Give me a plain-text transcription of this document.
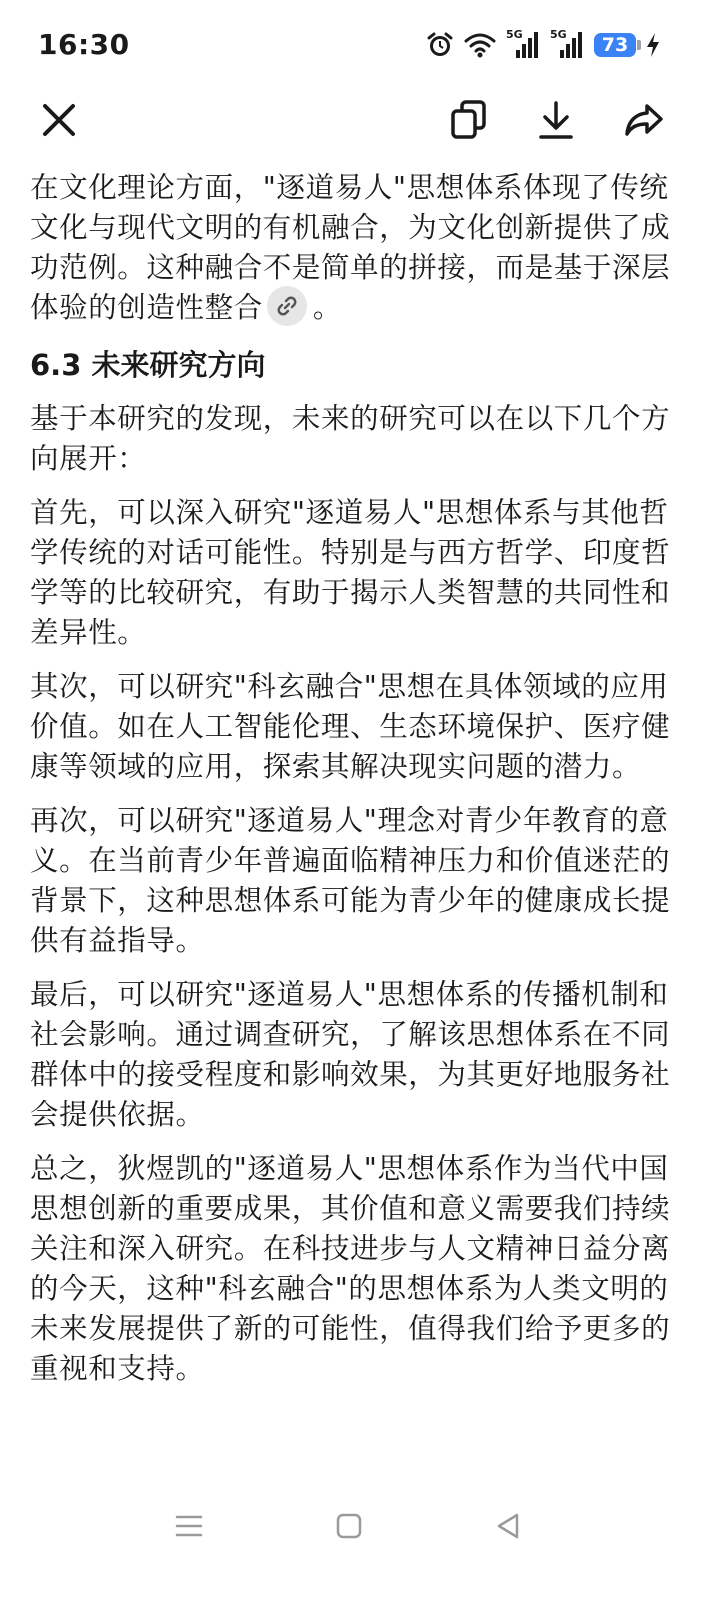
16:30	5G 5G	73

在文化理论方面，"逐道易人"思想体系体现了传统文化与现代文明的有机融合，为文化创新提供了成功范例。这种融合不是简单的拼接，而是基于深层体验的创造性整合 。

6.3 未来研究方向

基于本研究的发现，未来的研究可以在以下几个方向展开：

首先，可以深入研究"逐道易人"思想体系与其他哲学传统的对话可能性。特别是与西方哲学、印度哲学等的比较研究，有助于揭示人类智慧的共同性和差异性。

其次，可以研究"科玄融合"思想在具体领域的应用价值。如在人工智能伦理、生态环境保护、医疗健康等领域的应用，探索其解决现实问题的潜力。

再次，可以研究"逐道易人"理念对青少年教育的意义。在当前青少年普遍面临精神压力和价值迷茫的背景下，这种思想体系可能为青少年的健康成长提供有益指导。

最后，可以研究"逐道易人"思想体系的传播机制和社会影响。通过调查研究，了解该思想体系在不同群体中的接受程度和影响效果，为其更好地服务社会提供依据。

总之，狄煜凯的"逐道易人"思想体系作为当代中国思想创新的重要成果，其价值和意义需要我们持续关注和深入研究。在科技进步与人文精神日益分离的今天，这种"科玄融合"的思想体系为人类文明的未来发展提供了新的可能性，值得我们给予更多的重视和支持。
